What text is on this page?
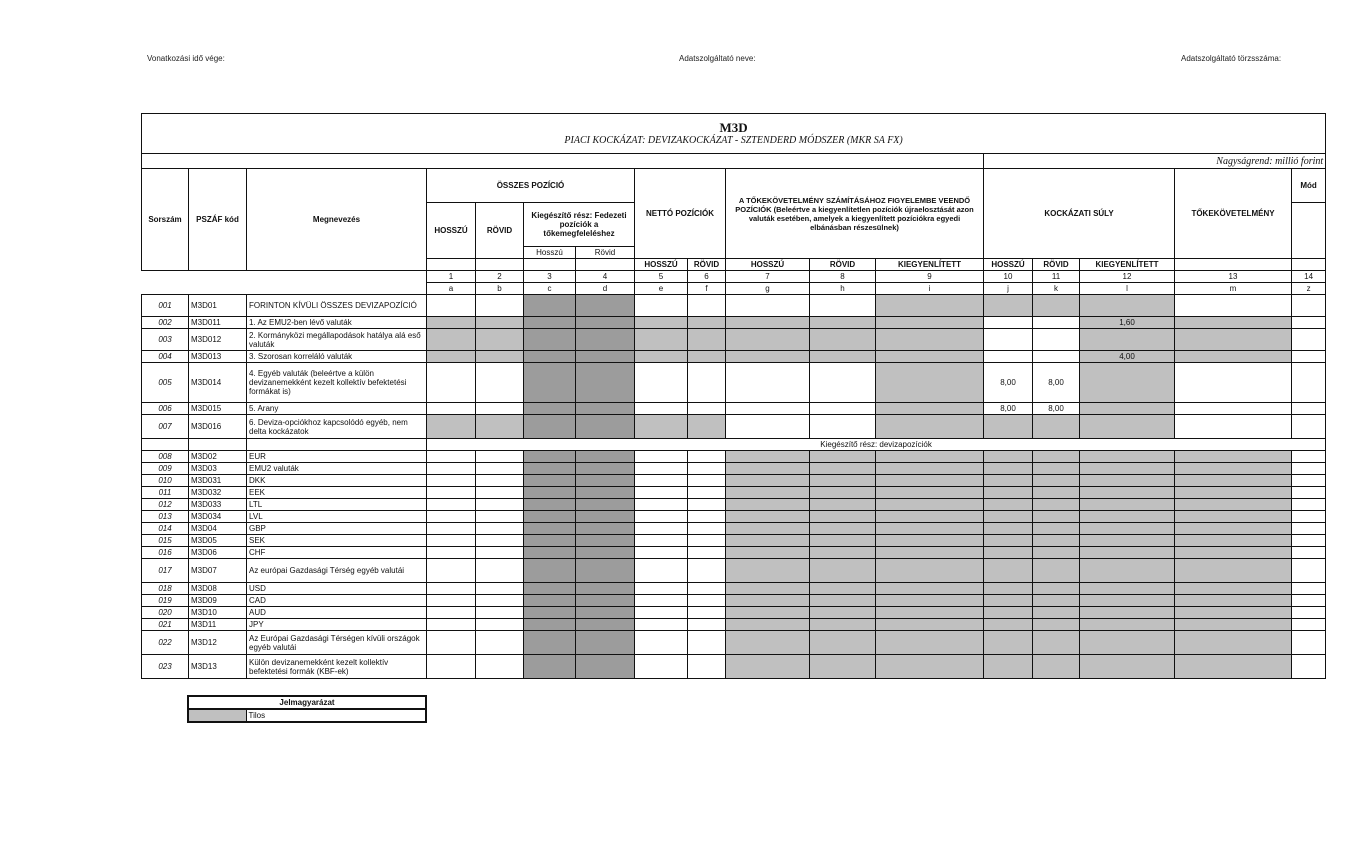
Vonatkozási idő vége:	Adatszolgáltató neve:	Adatszolgáltató törzsszáma:
M3D
PIACI KOCKÁZAT: DEVIZAKOCKÁZAT - SZTENDERD MÓDSZER (MKR SA FX)																

												Nagyságrend: millió forint				
Sorszám	PSZÁF kód	Megnevezés	ÖSSZES POZÍCIÓ				NETTÓ POZÍCIÓK		A TŐKEKÖVETELMÉNY SZÁMÍTÁSÁHOZ FIGYELEMBE VEENDŐ POZÍCIÓK (Beleértve a kiegyenlítetlen pozíciók újraelosztását azon valuták esetében, amelyek a kiegyenlített pozíciókra egyedi elbánásban részesülnek)			KOCKÁZATI SÚLY			TŐKEKÖVETELMÉNY	Mód
			HOSSZÚ	RÖVID	Kiegészítő rész: Fedezeti pozíciók a tőkemegfeleléshez											
					Hosszú	Rövid										
							HOSSZÚ	RÖVID	HOSSZÚ	RÖVID	KIEGYENLÍTETT	HOSSZÚ	RÖVID	KIEGYENLÍTETT		
			1	2	3	4	5	6	7	8	9	10	11	12	13	14
			a	b	c	d	e	f	g	h	i	j	k	l	m	z
001	M3D01	FORINTON KÍVÜLI ÖSSZES DEVIZAPOZÍCIÓ														
002	M3D011	1. Az EMU2-ben lévő valuták												1,60		
003	M3D012	2. Kormányközi megállapodások hatálya alá eső valuták														
004	M3D013	3. Szorosan korreláló valuták												4,00		
005	M3D014	4. Egyéb valuták (beleértve a külön devizanemekként kezelt kollektív befektetési formákat is)										8,00	8,00			
006	M3D015	5. Arany										8,00	8,00			
007	M3D016	6. Deviza-opciókhoz kapcsolódó egyéb, nem delta kockázatok														
			Kiegészítő rész: devizapozíciók													
008	M3D02	EUR														
009	M3D03	EMU2 valuták														
010	M3D031	DKK														
011	M3D032	EEK														
012	M3D033	LTL														
013	M3D034	LVL														
014	M3D04	GBP														
015	M3D05	SEK														
016	M3D06	CHF														
017	M3D07	Az európai Gazdasági Térség egyéb valutái														
018	M3D08	USD														
019	M3D09	CAD														
020	M3D10	AUD														
021	M3D11	JPY														
022	M3D12	Az Európai Gazdasági Térségen kívüli országok egyéb valutái														
023	M3D13	Külön devizanemekként kezelt kollektív befektetési formák (KBF-ek)														
Jelmagyarázat
	Tilos
